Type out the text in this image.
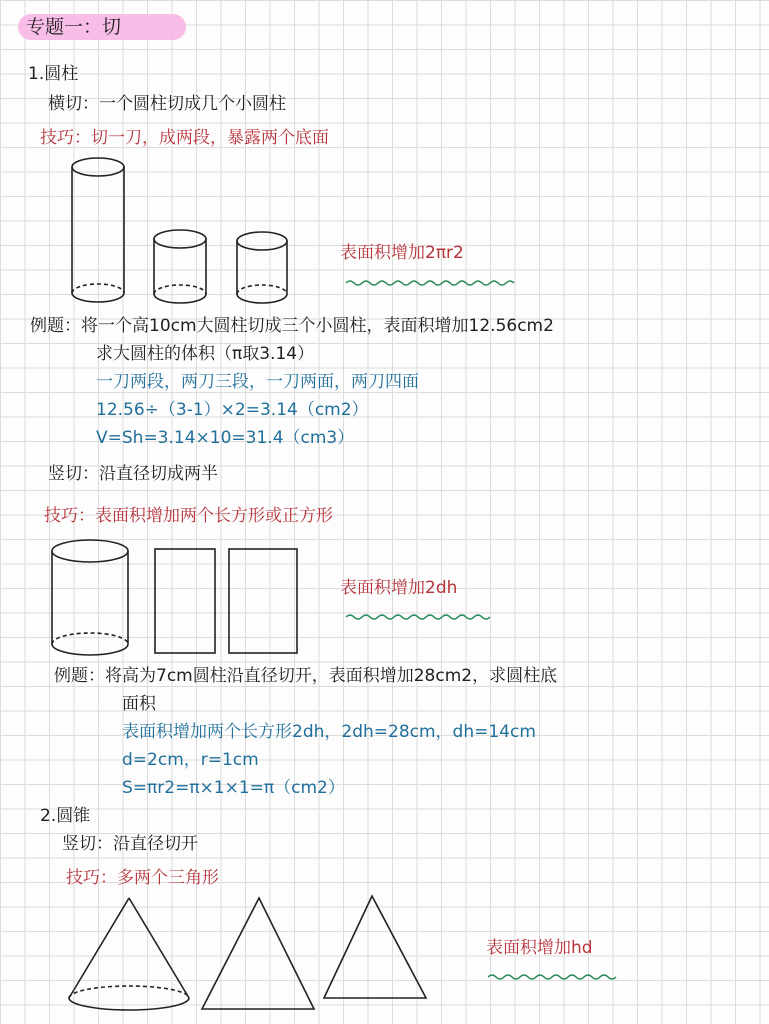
专题一：切
1.圆柱
横切：一个圆柱切成几个小圆柱
技巧：切一刀，成两段，暴露两个底面
表面积增加2πr2
例题：将一个高10cm大圆柱切成三个小圆柱，表面积增加12.56cm2
求大圆柱的体积（π取3.14）
一刀两段，两刀三段，一刀两面，两刀四面
12.56÷（3-1）×2=3.14（cm2）
V=Sh=3.14×10=31.4（cm3）
竖切：沿直径切成两半
技巧：表面积增加两个长方形或正方形
表面积增加2dh
例题：将高为7cm圆柱沿直径切开，表面积增加28cm2，求圆柱底
面积
表面积增加两个长方形2dh，2dh=28cm，dh=14cm
d=2cm，r=1cm
S=πr2=π×1×1=π（cm2）
2.圆锥
竖切：沿直径切开
技巧：多两个三角形
表面积增加hd
